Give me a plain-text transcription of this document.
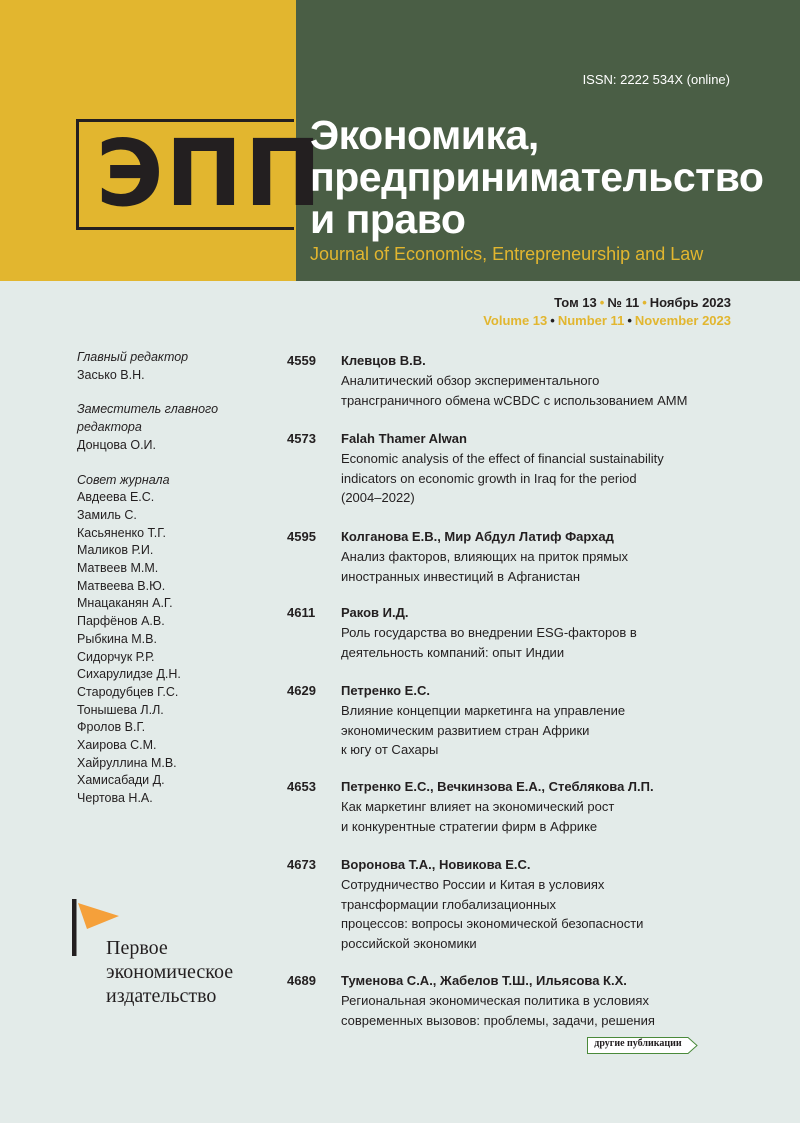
ЭПП
ISSN: 2222 534X (online)
Экономика,
предпринимательство
и право
Journal of Economics, Entrepreneurship and Law
Том 13 • № 11 • Ноябрь 2023
Volume 13 • Number 11 • November 2023
Главный редактор
Засько В.Н.
Заместитель главного
редактора
Донцова О.И.
Совет журнала
Авдеева Е.С.
Замиль С.
Касьяненко Т.Г.
Маликов Р.И.
Матвеев М.М.
Матвеева В.Ю.
Мнацаканян А.Г.
Парфёнов А.В.
Рыбкина М.В.
Сидорчук Р.Р.
Сихарулидзе Д.Н.
Стародубцев Г.С.
Тонышева Л.Л.
Фролов В.Г.
Хаирова С.М.
Хайруллина М.В.
Хамисабади Д.
Чертова Н.А.
4559 Клевцов В.В.
Аналитический обзор экспериментального
трансграничного обмена wCBDC с использованием AMM
4573 Falah Thamer Alwan
Economic analysis of the effect of financial sustainability
indicators on economic growth in Iraq for the period
(2004–2022)
4595 Колганова Е.В., Мир Абдул Латиф Фархад
Анализ факторов, влияющих на приток прямых
иностранных инвестиций в Афганистан
4611 Раков И.Д.
Роль государства во внедрении ESG-факторов в
деятельность компаний: опыт Индии
4629 Петренко Е.С.
Влияние концепции маркетинга на управление
экономическим развитием стран Африки
к югу от Сахары
4653 Петренко Е.С., Вечкинзова Е.А., Стеблякова Л.П.
Как маркетинг влияет на экономический рост
и конкурентные стратегии фирм в Африке
4673 Воронова Т.А., Новикова Е.С.
Сотрудничество России и Китая в условиях
трансформации глобализационных
процессов: вопросы экономической безопасности
российской экономики
4689 Туменова С.А., Жабелов Т.Ш., Ильясова К.Х.
Региональная экономическая политика в условиях
современных вызовов: проблемы, задачи, решения
Первое
экономическое
издательство
другие публикации
